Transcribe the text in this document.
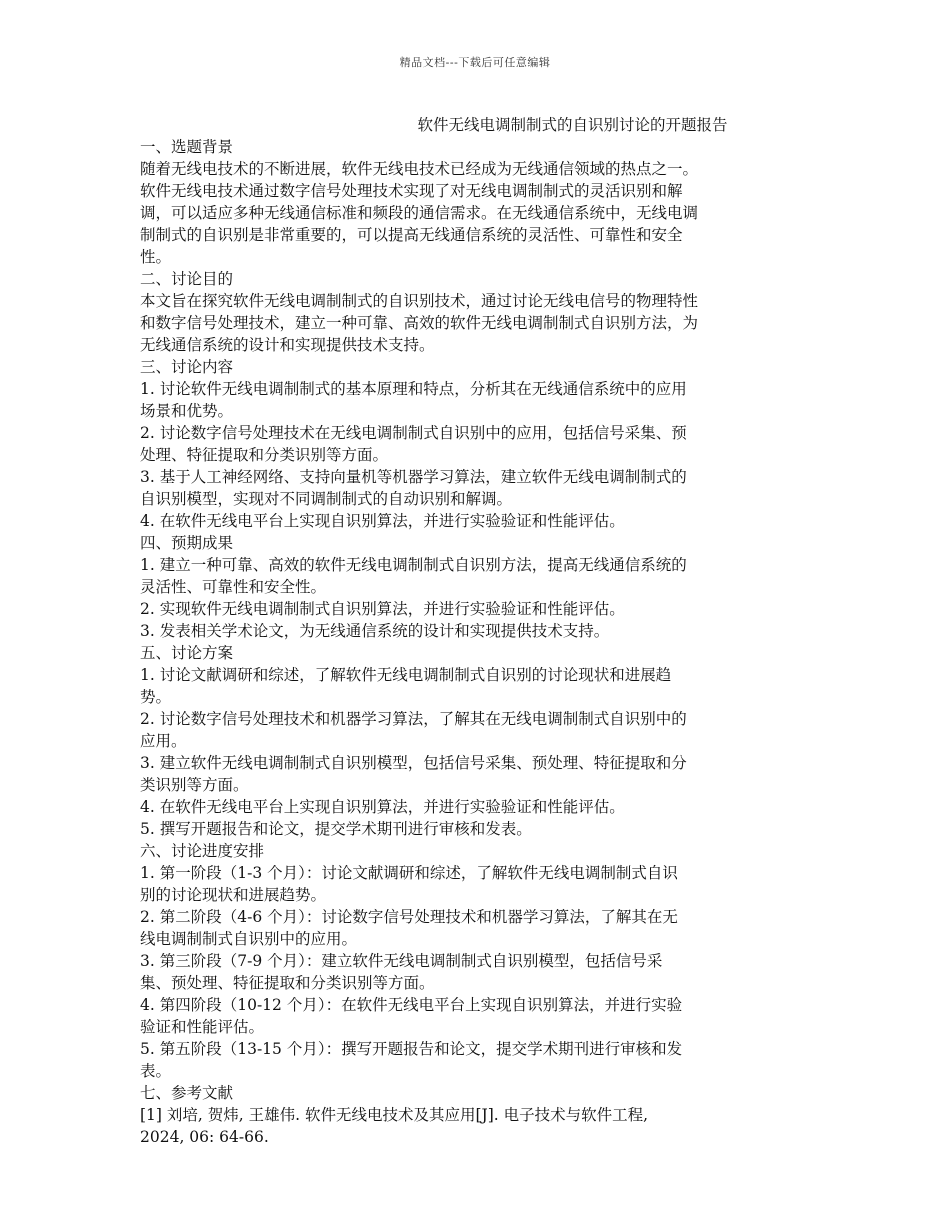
精品文档---下载后可任意编辑
软件无线电调制制式的自识别讨论的开题报告
一、选题背景
随着无线电技术的不断进展，软件无线电技术已经成为无线通信领域的热点之一。
软件无线电技术通过数字信号处理技术实现了对无线电调制制式的灵活识别和解
调，可以适应多种无线通信标准和频段的通信需求。在无线通信系统中，无线电调
制制式的自识别是非常重要的，可以提高无线通信系统的灵活性、可靠性和安全
性。
二、讨论目的
本文旨在探究软件无线电调制制式的自识别技术，通过讨论无线电信号的物理特性
和数字信号处理技术，建立一种可靠、高效的软件无线电调制制式自识别方法，为
无线通信系统的设计和实现提供技术支持。
三、讨论内容
1. 讨论软件无线电调制制式的基本原理和特点，分析其在无线通信系统中的应用
场景和优势。
2. 讨论数字信号处理技术在无线电调制制式自识别中的应用，包括信号采集、预
处理、特征提取和分类识别等方面。
3. 基于人工神经网络、支持向量机等机器学习算法，建立软件无线电调制制式的
自识别模型，实现对不同调制制式的自动识别和解调。
4. 在软件无线电平台上实现自识别算法，并进行实验验证和性能评估。
四、预期成果
1. 建立一种可靠、高效的软件无线电调制制式自识别方法，提高无线通信系统的
灵活性、可靠性和安全性。
2. 实现软件无线电调制制式自识别算法，并进行实验验证和性能评估。
3. 发表相关学术论文，为无线通信系统的设计和实现提供技术支持。
五、讨论方案
1. 讨论文献调研和综述，了解软件无线电调制制式自识别的讨论现状和进展趋
势。
2. 讨论数字信号处理技术和机器学习算法，了解其在无线电调制制式自识别中的
应用。
3. 建立软件无线电调制制式自识别模型，包括信号采集、预处理、特征提取和分
类识别等方面。
4. 在软件无线电平台上实现自识别算法，并进行实验验证和性能评估。
5. 撰写开题报告和论文，提交学术期刊进行审核和发表。
六、讨论进度安排
1. 第一阶段（1-3 个月）：讨论文献调研和综述，了解软件无线电调制制式自识
别的讨论现状和进展趋势。
2. 第二阶段（4-6 个月）：讨论数字信号处理技术和机器学习算法，了解其在无
线电调制制式自识别中的应用。
3. 第三阶段（7-9 个月）：建立软件无线电调制制式自识别模型，包括信号采
集、预处理、特征提取和分类识别等方面。
4. 第四阶段（10-12 个月）：在软件无线电平台上实现自识别算法，并进行实验
验证和性能评估。
5. 第五阶段（13-15 个月）：撰写开题报告和论文，提交学术期刊进行审核和发
表。
七、参考文献
[1] 刘培, 贺炜, 王雄伟. 软件无线电技术及其应用[J]. 电子技术与软件工程,
2024, 06: 64-66.
